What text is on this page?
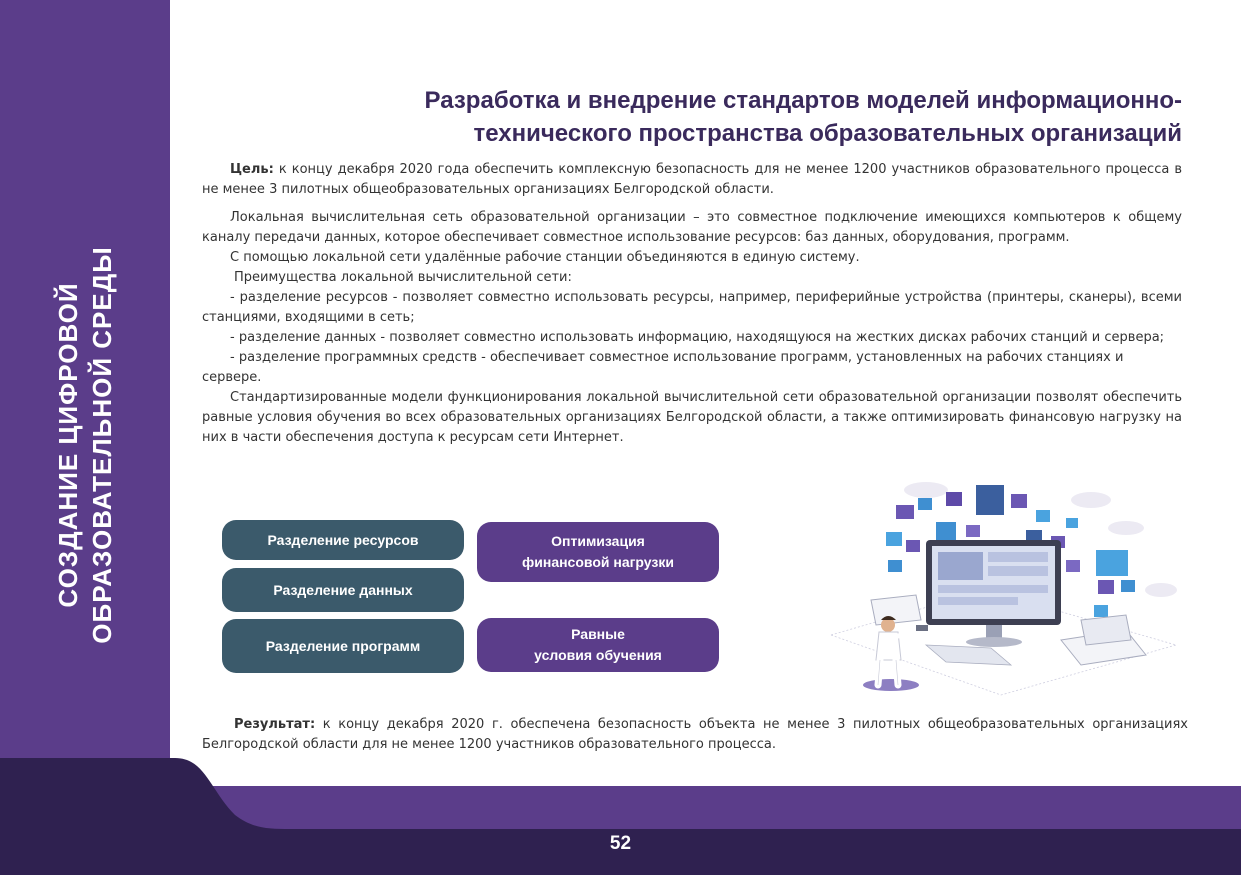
СОЗДАНИЕ ЦИФРОВОЙ ОБРАЗОВАТЕЛЬНОЙ СРЕДЫ
52
Разработка и внедрение стандартов моделей информационно-
технического пространства образовательных организаций

Цель: к концу декабря 2020 года обеспечить комплексную безопасность для не менее 1200 участников образовательного процесса в не менее 3 пилотных общеобразовательных организациях Белгородской области.

Локальная вычислительная сеть образовательной организации – это совместное подключение имеющихся компьютеров к общему каналу передачи данных, которое обеспечивает совместное использование ресурсов: баз данных, оборудования, программ.

С помощью локальной сети удалённые рабочие станции объединяются в единую систему.

Преимущества локальной вычислительной сети:

- разделение ресурсов - позволяет совместно использовать ресурсы, например, периферийные устройства (принтеры, сканеры), всеми станциями, входящими в сеть;

- разделение данных - позволяет совместно использовать информацию, находящуюся на жестких дисках рабочих станций и сервера;

- разделение программных средств - обеспечивает совместное использование программ, установленных на рабочих станциях и сервере.

Стандартизированные модели функционирования локальной вычислительной сети образовательной организации позволят обеспечить равные условия обучения во всех образовательных организациях Белгородской области, а также оптимизировать финансовую нагрузку на них в части обеспечения доступа к ресурсам сети Интернет.

Разделение ресурсов
Разделение данных
Разделение программ
Оптимизация
финансовой нагрузки
Равные
условия обучения

Результат: к концу декабря 2020 г. обеспечена безопасность объекта не менее 3 пилотных общеобразовательных организациях Белгородской области для не менее 1200 участников образовательного процесса.
